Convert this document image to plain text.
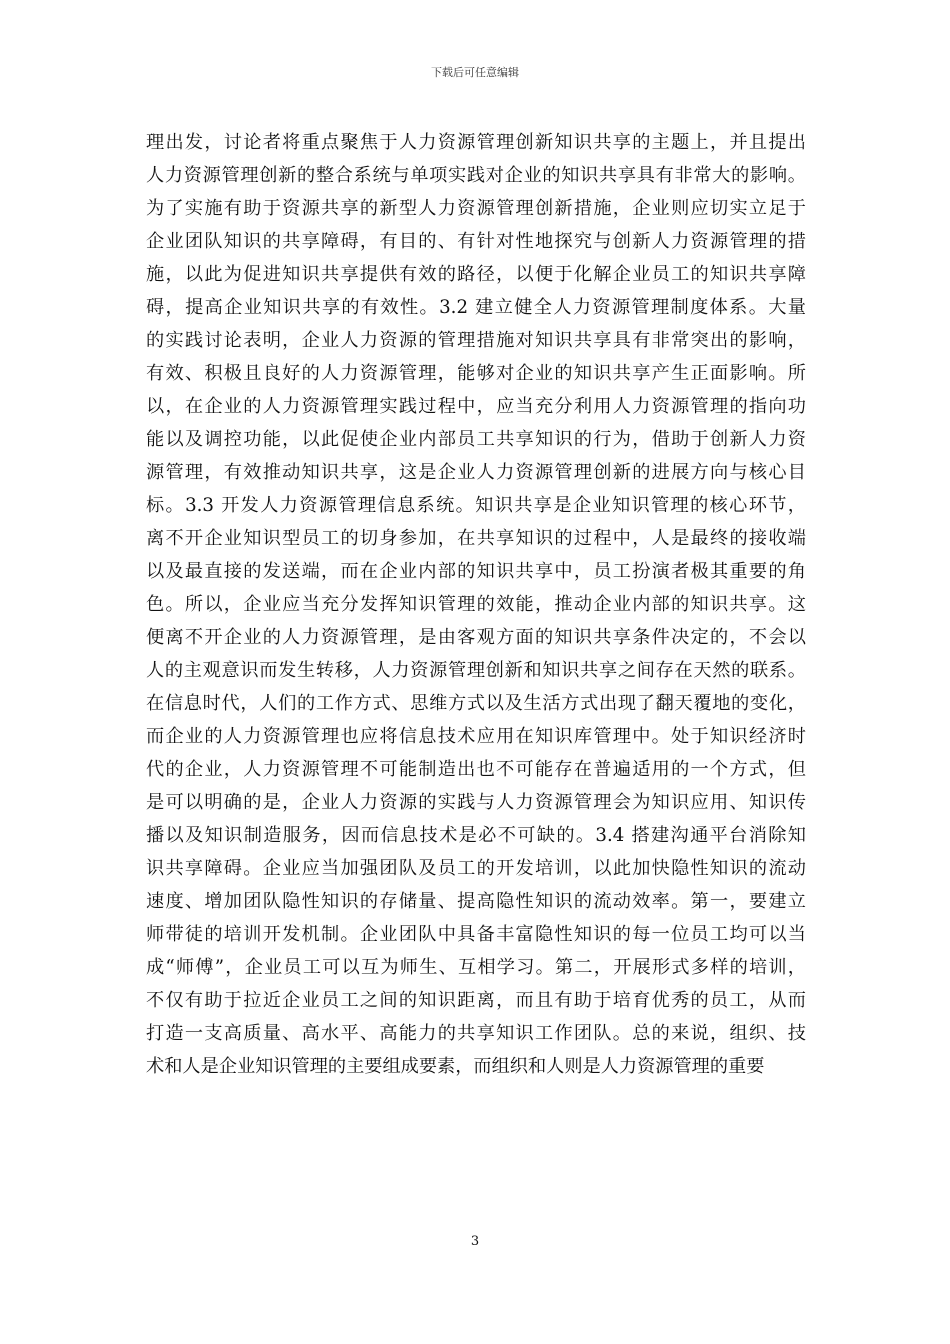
下载后可任意编辑
理出发，讨论者将重点聚焦于人力资源管理创新知识共享的主题上，并且提出
人力资源管理创新的整合系统与单项实践对企业的知识共享具有非常大的影响。
为了实施有助于资源共享的新型人力资源管理创新措施，企业则应切实立足于
企业团队知识的共享障碍，有目的、有针对性地探究与创新人力资源管理的措
施，以此为促进知识共享提供有效的路径，以便于化解企业员工的知识共享障
碍，提高企业知识共享的有效性。3.2 建立健全人力资源管理制度体系。大量
的实践讨论表明，企业人力资源的管理措施对知识共享具有非常突出的影响，
有效、积极且良好的人力资源管理，能够对企业的知识共享产生正面影响。所
以，在企业的人力资源管理实践过程中，应当充分利用人力资源管理的指向功
能以及调控功能，以此促使企业内部员工共享知识的行为，借助于创新人力资
源管理，有效推动知识共享，这是企业人力资源管理创新的进展方向与核心目
标。3.3 开发人力资源管理信息系统。知识共享是企业知识管理的核心环节，
离不开企业知识型员工的切身参加，在共享知识的过程中，人是最终的接收端
以及最直接的发送端，而在企业内部的知识共享中，员工扮演者极其重要的角
色。所以，企业应当充分发挥知识管理的效能，推动企业内部的知识共享。这
便离不开企业的人力资源管理，是由客观方面的知识共享条件决定的，不会以
人的主观意识而发生转移，人力资源管理创新和知识共享之间存在天然的联系。
在信息时代，人们的工作方式、思维方式以及生活方式出现了翻天覆地的变化，
而企业的人力资源管理也应将信息技术应用在知识库管理中。处于知识经济时
代的企业，人力资源管理不可能制造出也不可能存在普遍适用的一个方式，但
是可以明确的是，企业人力资源的实践与人力资源管理会为知识应用、知识传
播以及知识制造服务，因而信息技术是必不可缺的。3.4 搭建沟通平台消除知
识共享障碍。企业应当加强团队及员工的开发培训，以此加快隐性知识的流动
速度、增加团队隐性知识的存储量、提高隐性知识的流动效率。第一，要建立
师带徒的培训开发机制。企业团队中具备丰富隐性知识的每一位员工均可以当
成“师傅”，企业员工可以互为师生、互相学习。第二，开展形式多样的培训，
不仅有助于拉近企业员工之间的知识距离，而且有助于培育优秀的员工，从而
打造一支高质量、高水平、高能力的共享知识工作团队。总的来说，组织、技
术和人是企业知识管理的主要组成要素，而组织和人则是人力资源管理的重要
3
